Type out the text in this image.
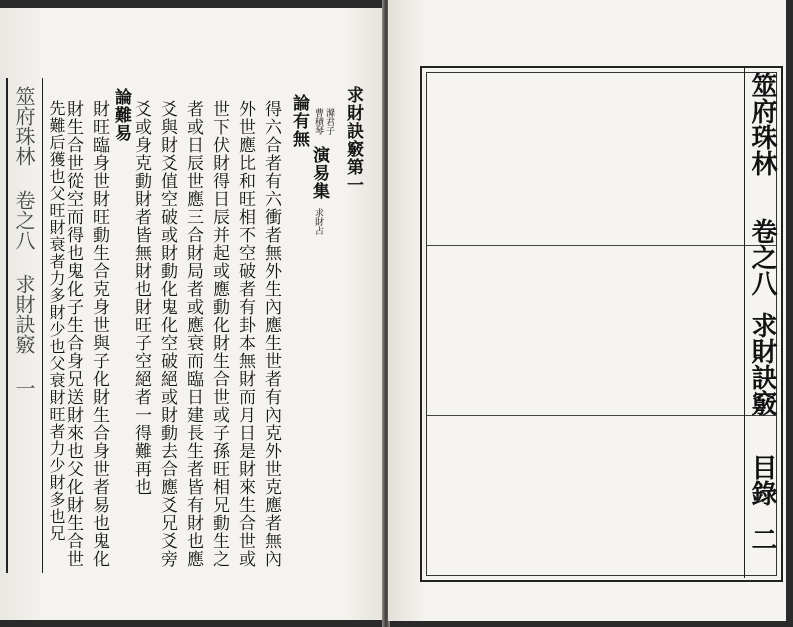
筮府珠林 卷之八 求財訣竅 一	求財訣竅第一
滌君子
曹積琴
演易集
求財占
論有無
得六合者有六衝者無外生內應生世者有內克外世克應者無內
外世應比和旺相不空破者有卦本無財而月日是財來生合世或
世下伏財得日辰并起或應動化財生合世或子孫旺相兄動生之
者或日辰世應三合財局者或應衰而臨日建長生者皆有財也應
爻與財爻值空破或財動化鬼化空破絕或財動去合應爻兄爻旁
爻或身克動財者皆無財也財旺子空絕者一得難再也
論難易
財旺臨身世財旺動生合克身世與子化財生合身世者易也鬼化
財生合世從空而得也鬼化子生合身兄送財來也父化財生合世
先難后獲也父旺財衰者力多財少也父衰財旺者力少財多也兄	筮府珠林
卷之八
求財訣竅
目錄
二
